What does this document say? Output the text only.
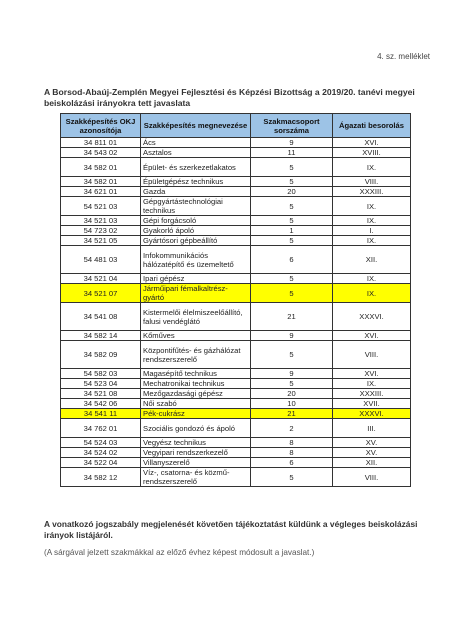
4. sz. melléklet
A Borsod-Abaúj-Zemplén Megyei Fejlesztési és Képzési Bizottság a 2019/20. tanévi megyei beiskolázási irányokra tett javaslata
Szakképesítés OKJ azonosítója	Szakképesítés megnevezése	Szakmacsoport sorszáma	Ágazati besorolás
34 811 01	Ács	9	XVI.
34 543 02	Asztalos	11	XVIII.
34 582 01	Épület- és szerkezetlakatos	5	IX.
34 582 01	Épületgépész technikus	5	VIII.
34 621 01	Gazda	20	XXXIII.
54 521 03	Gépgyártástechnológiai technikus	5	IX.
34 521 03	Gépi forgácsoló	5	IX.
54 723 02	Gyakorló ápoló	1	I.
34 521 05	Gyártósori gépbeállító	5	IX.
54 481 03	Infokommunikációs hálózatépítő és üzemeltető	6	XII.
34 521 04	Ipari gépész	5	IX.
34 521 07	Járműipari fémalkaltrész-gyártó	5	IX.
34 541 08	Kistermelői élelmiszeelőállító, falusi vendéglátó	21	XXXVI.
34 582 14	Kőműves	9	XVI.
34 582 09	Központifűtés- és gázhálózat rendszerszerelő	5	VIII.
54 582 03	Magasépítő technikus	9	XVI.
54 523 04	Mechatronikai technikus	5	IX.
34 521 08	Mezőgazdasági gépész	20	XXXIII.
34 542 06	Női szabó	10	XVII.
34 541 11	Pék-cukrász	21	XXXVI.
34 762 01	Szociális gondozó és ápoló	2	III.
54 524 03	Vegyész technikus	8	XV.
34 524 02	Vegyipari rendszerkezelő	8	XV.
34 522 04	Villanyszerelő	6	XII.
34 582 12	Víz-, csatorna- és közmű-rendszerszerelő	5	VIII.
A vonatkozó jogszabály megjelenését követően tájékoztatást küldünk a végleges beiskolázási irányok listájáról.
(A sárgával jelzett szakmákkal az előző évhez képest módosult a javaslat.)
